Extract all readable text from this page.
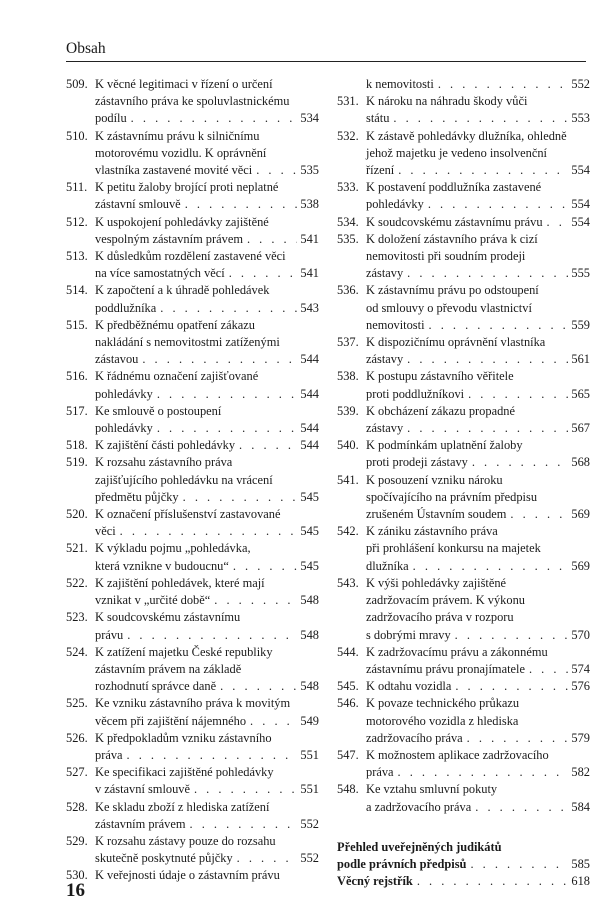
Obsah
509. K věcné legitimaci v řízení o určení
zástavního práva ke spoluvlastnickému
podílu . . .	534
510. K zástavnímu právu k silničnímu
motorovému vozidlu. K oprávnění
vlastníka zastavené movité věci . . .	535
511. K petitu žaloby brojící proti neplatné
zástavní smlouvě . . .	538
512. K uspokojení pohledávky zajištěné
vespolným zástavním právem . . .	541
513. K důsledkům rozdělení zastavené věci
na více samostatných věcí . . .	541
514. K započtení a k úhradě pohledávek
poddlužníka . . .	543
515. K předběžnému opatření zákazu
nakládání s nemovitostmi zatíženými
zástavou . . .	544
516. K řádnému označení zajišťované
pohledávky . . .	544
517. Ke smlouvě o postoupení
pohledávky . . .	544
518. K zajištění části pohledávky . . .	544
519. K rozsahu zástavního práva
zajišťujícího pohledávku na vrácení
předmětu půjčky . . .	545
520. K označení příslušenství zastavované
věci . . .	545
521. K výkladu pojmu „pohledávka,
která vznikne v budoucnu“ . . .	545
522. K zajištění pohledávek, které mají
vznikat v „určité době“ . . .	548
523. K soudcovskému zástavnímu
právu . . .	548
524. K zatížení majetku České republiky
zástavním právem na základě
rozhodnutí správce daně . . .	548
525. Ke vzniku zástavního práva k movitým
věcem při zajištění nájemného . . .	549
526. K předpokladům vzniku zástavního
práva . . .	551
527. Ke specifikaci zajištěné pohledávky
v zástavní smlouvě . . .	551
528. Ke skladu zboží z hlediska zatížení
zástavním právem . . .	552
529. K rozsahu zástavy pouze do rozsahu
skutečně poskytnuté půjčky . . .	552
530. K veřejnosti údaje o zástavním právu
k nemovitosti . . .	552
531. K nároku na náhradu škody vůči
státu . . .	553
532. K zástavě pohledávky dlužníka, ohledně
jehož majetku je vedeno insolvenční
řízení . . .	554
533. K postavení poddlužníka zastavené
pohledávky . . .	554
534. K soudcovskému zástavnímu právu . . . 554
535. K doložení zástavního práva k cizí
nemovitosti při soudním prodeji
zástavy . . .	555
536. K zástavnímu právu po odstoupení
od smlouvy o převodu vlastnictví
nemovitosti . . .	559
537. K dispozičnímu oprávnění vlastníka
zástavy . . .	561
538. K postupu zástavního věřitele
proti poddlužníkovi . . .	565
539. K obcházení zákazu propadné
zástavy . . .	567
540. K podmínkám uplatnění žaloby
proti prodeji zástavy . . .	568
541. K posouzení vzniku nároku
spočívajícího na právním předpisu
zrušeném Ústavním soudem . . .	569
542. K zániku zástavního práva
při prohlášení konkursu na majetek
dlužníka . . .	569
543. K výši pohledávky zajištěné
zadržovacím právem. K výkonu
zadržovacího práva v rozporu
s dobrými mravy . . .	570
544. K zadržovacímu právu a zákonnému
zástavnímu právu pronajímatele . . .	574
545. K odtahu vozidla . . .	576
546. K povaze technického průkazu
motorového vozidla z hlediska
zadržovacího práva . . .	579
547. K možnostem aplikace zadržovacího
práva . . .	582
548. Ke vztahu smluvní pokuty
a zadržovacího práva . . .	584
Přehled uveřejněných judikátů
podle právních předpisů . . .	585
Věcný rejstřík . . .	618
16
